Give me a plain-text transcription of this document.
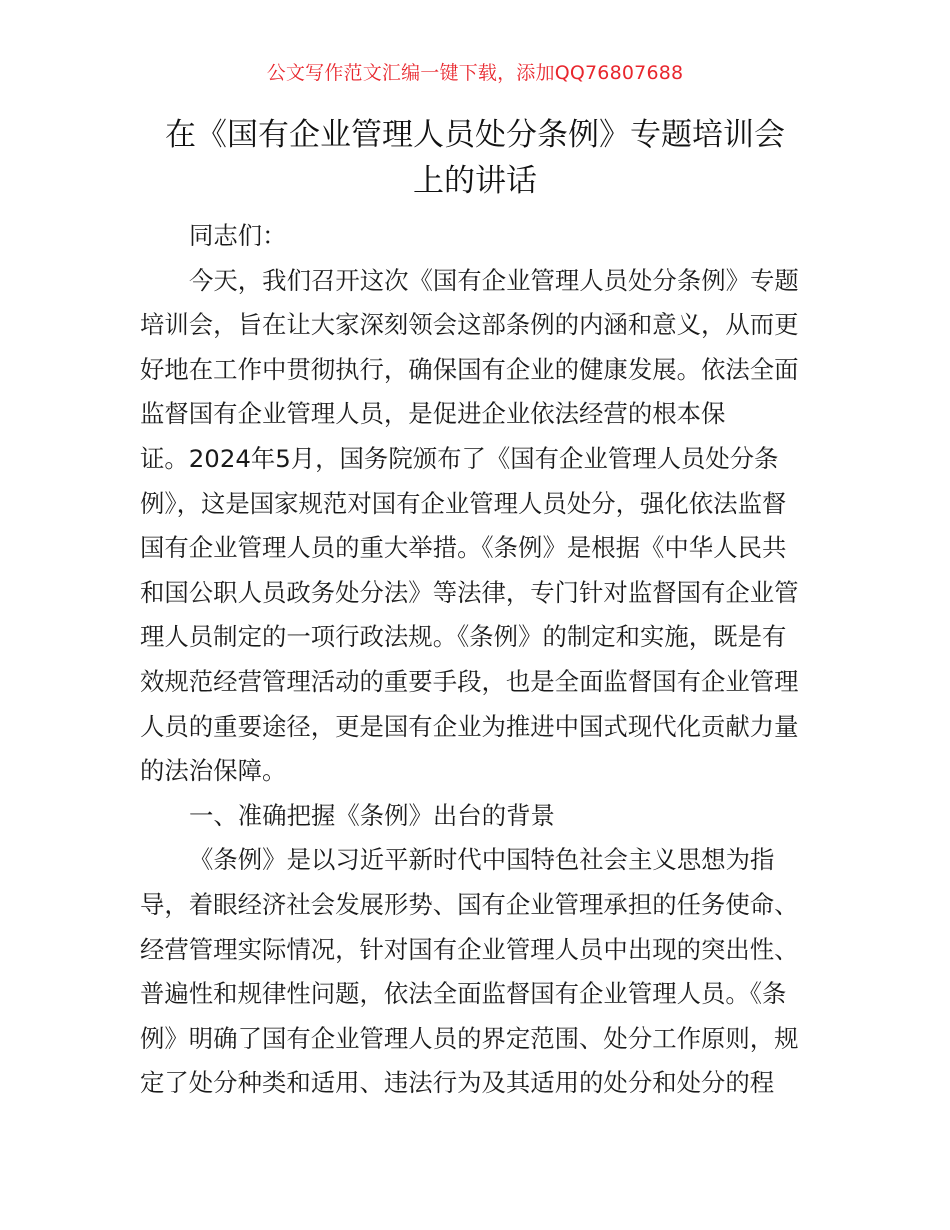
公文写作范文汇编一键下载，添加QQ76807688
在《国有企业管理人员处分条例》专题培训会
上的讲话
同志们：
今天，我们召开这次《国有企业管理人员处分条例》专题
培训会，旨在让大家深刻领会这部条例的内涵和意义，从而更
好地在工作中贯彻执行，确保国有企业的健康发展。依法全面
监督国有企业管理人员，是促进企业依法经营的根本保
证。2024年5月，国务院颁布了《国有企业管理人员处分条
例》，这是国家规范对国有企业管理人员处分，强化依法监督
国有企业管理人员的重大举措。《条例》是根据《中华人民共
和国公职人员政务处分法》等法律，专门针对监督国有企业管
理人员制定的一项行政法规。《条例》的制定和实施，既是有
效规范经营管理活动的重要手段，也是全面监督国有企业管理
人员的重要途径，更是国有企业为推进中国式现代化贡献力量
的法治保障。
一、准确把握《条例》出台的背景
《条例》是以习近平新时代中国特色社会主义思想为指
导，着眼经济社会发展形势、国有企业管理承担的任务使命、
经营管理实际情况，针对国有企业管理人员中出现的突出性、
普遍性和规律性问题，依法全面监督国有企业管理人员。《条
例》明确了国有企业管理人员的界定范围、处分工作原则，规
定了处分种类和适用、违法行为及其适用的处分和处分的程
